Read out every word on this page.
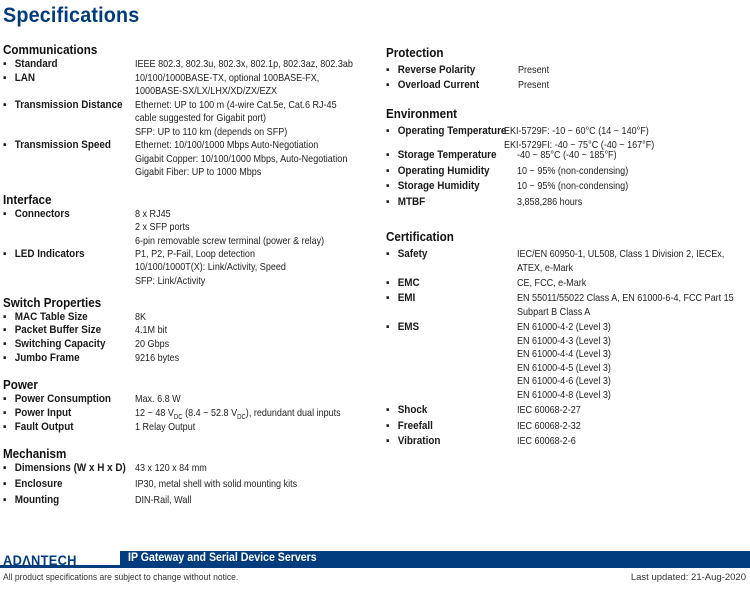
Specifications
Communications
▪ Standard	IEEE 802.3, 802.3u, 802.3x, 802.1p, 802.3az, 802.3ab
▪ LAN	10/100/1000BASE-TX, optional 100BASE-FX,
1000BASE-SX/LX/LHX/XD/ZX/EZX
▪ Transmission Distance Ethernet: UP to 100 m (4-wire Cat.5e, Cat.6 RJ-45
cable suggested for Gigabit port)
SFP: UP to 110 km (depends on SFP)
▪ Transmission Speed Ethernet: 10/100/1000 Mbps Auto-Negotiation
Gigabit Copper: 10/100/1000 Mbps, Auto-Negotiation
Gigabit Fiber: UP to 1000 Mbps
Interface
▪ Connectors	8 x RJ45
2 x SFP ports
6-pin removable screw terminal (power & relay)
▪ LED Indicators	P1, P2, P-Fail, Loop detection
10/100/1000T(X): Link/Activity, Speed
SFP: Link/Activity
Switch Properties
▪ MAC Table Size	8K
▪ Packet Buffer Size	4.1M bit
▪ Switching Capacity	20 Gbps
▪ Jumbo Frame	9216 bytes
Power
▪ Power Consumption Max. 6.8 W
▪ Power Input	12 ~ 48 $V_{DC}$ (8.4 ~ 52.8 $V_{DC}$), redundant dual inputs
▪ Fault Output	1 Relay Output
Mechanism
▪ Dimensions (W x H x D) 43 x 120 x 84 mm
▪ Enclosure	IP30, metal shell with solid mounting kits
▪ Mounting	DIN-Rail, Wall
Protection
▪ Reverse Polarity	Present
▪ Overload Current	Present
Environment
▪ Operating Temperature
EKI-5729F: -10 ~ 60°C (14 ~ 140°F)
EKI-5729FI: -40 ~ 75°C (-40 ~ 167°F)
▪ Storage Temperature -40 ~ 85°C (-40 ~ 185°F)
▪ Operating Humidity	10 ~ 95% (non-condensing)
▪ Storage Humidity	10 ~ 95% (non-condensing)
▪ MTBF	3,858,286 hours
Certification
▪ Safety	IEC/EN 60950-1, UL508, Class 1 Division 2, IECEx,
ATEX, e-Mark
▪ EMC	CE, FCC, e-Mark
▪ EMI	EN 55011/55022 Class A, EN 61000-6-4, FCC Part 15
Subpart B Class A
▪ EMS	EN 61000-4-2 (Level 3)
EN 61000-4-3 (Level 3)
EN 61000-4-4 (Level 3)
EN 61000-4-5 (Level 3)
EN 61000-4-6 (Level 3)
EN 61000-4-8 (Level 3)
▪ Shock	IEC 60068-2-27
▪ Freefall	IEC 60068-2-32
▪ Vibration	IEC 60068-2-6
ADΛNTECH	IP Gateway and Serial Device Servers
All product specifications are subject to change without notice.	Last updated: 21-Aug-2020
